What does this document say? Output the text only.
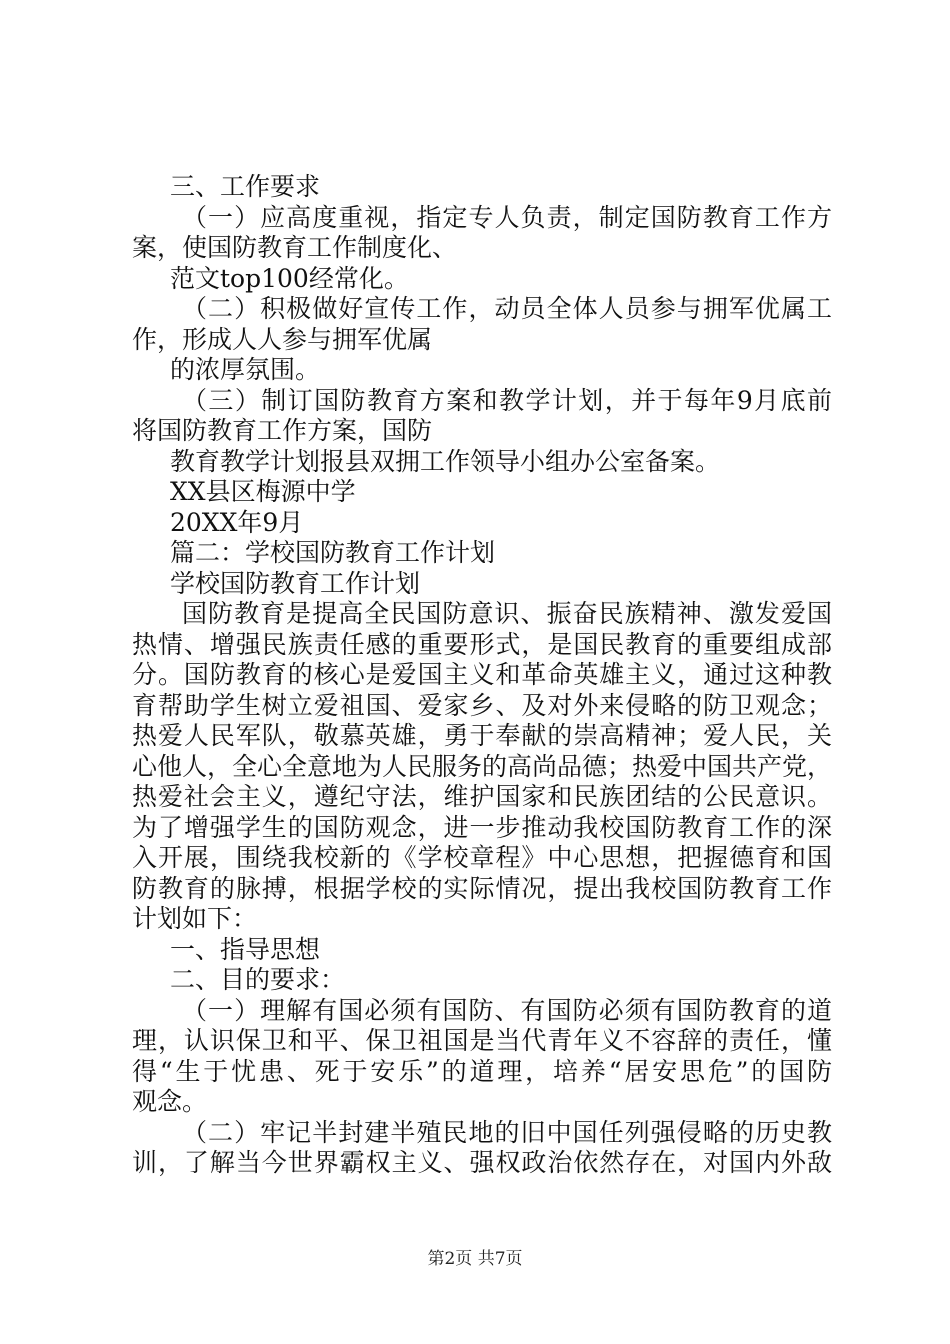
三、工作要求
（一）应高度重视，指定专人负责，制定国防教育工作方
案，使国防教育工作制度化、
范文top100经常化。
（二）积极做好宣传工作，动员全体人员参与拥军优属工
作，形成人人参与拥军优属
的浓厚氛围。
（三）制订国防教育方案和教学计划，并于每年9月底前
将国防教育工作方案，国防
教育教学计划报县双拥工作领导小组办公室备案。
XX县区梅源中学
20XX年9月
篇二：学校国防教育工作计划
学校国防教育工作计划
国防教育是提高全民国防意识、振奋民族精神、激发爱国
热情、增强民族责任感的重要形式，是国民教育的重要组成部
分。国防教育的核心是爱国主义和革命英雄主义，通过这种教
育帮助学生树立爱祖国、爱家乡、及对外来侵略的防卫观念；
热爱人民军队，敬慕英雄，勇于奉献的崇高精神；爱人民，关
心他人，全心全意地为人民服务的高尚品德；热爱中国共产党，
热爱社会主义，遵纪守法，维护国家和民族团结的公民意识。
为了增强学生的国防观念，进一步推动我校国防教育工作的深
入开展，围绕我校新的《学校章程》中心思想，把握德育和国
防教育的脉搏，根据学校的实际情况，提出我校国防教育工作
计划如下：
一、指导思想
二、目的要求：
（一）理解有国必须有国防、有国防必须有国防教育的道
理，认识保卫和平、保卫祖国是当代青年义不容辞的责任，懂
得“生于忧患、死于安乐”的道理，培养“居安思危”的国防
观念。
（二）牢记半封建半殖民地的旧中国任列强侵略的历史教
训，了解当今世界霸权主义、强权政治依然存在，对国内外敌
第2页 共7页
